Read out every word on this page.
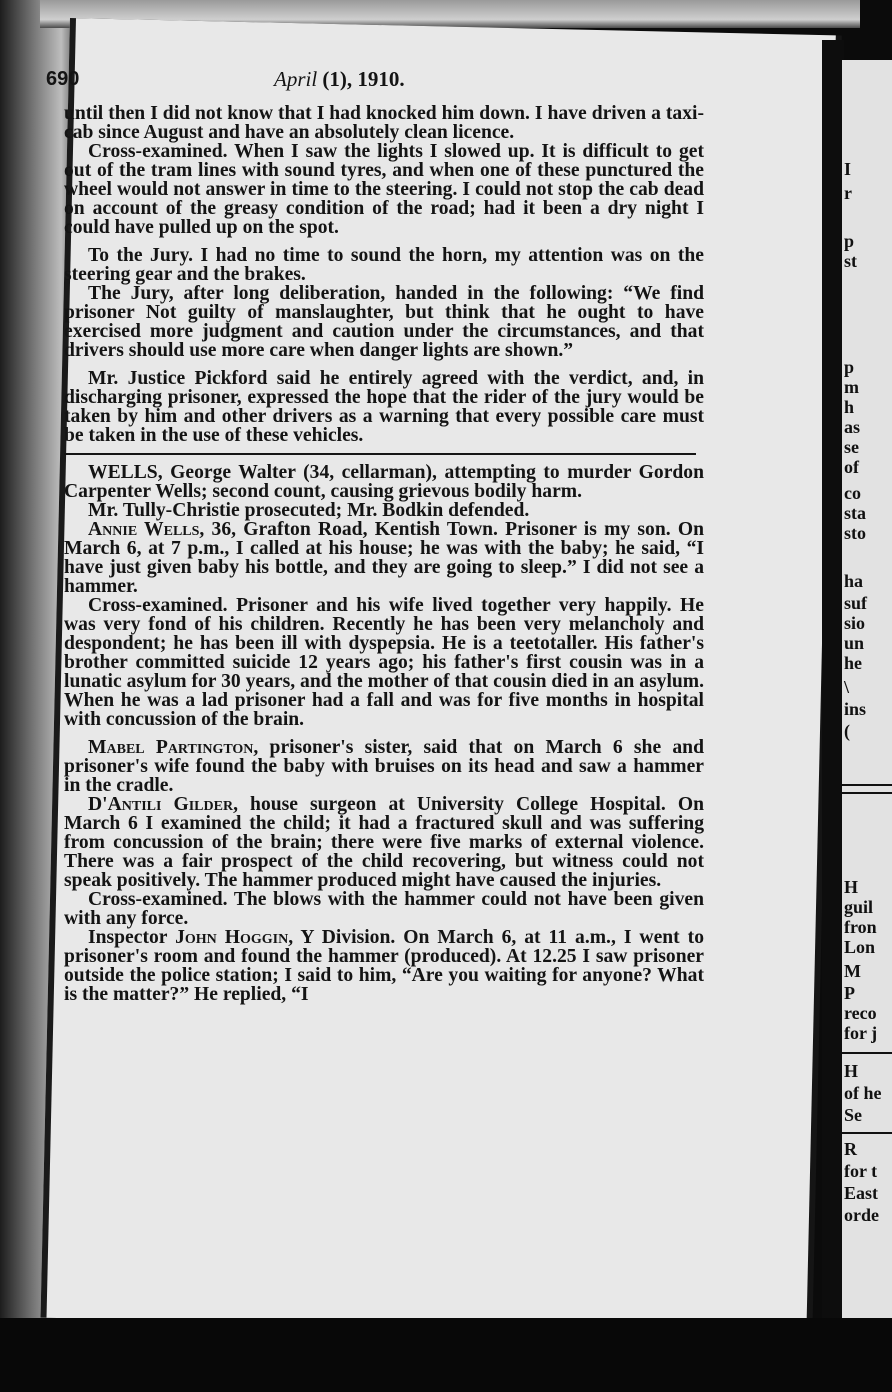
690	April (1), 1910.

until then I did not know that I had knocked him down. I have driven a taxi-cab since August and have an absolutely clean licence.

Cross-examined. When I saw the lights I slowed up. It is difficult to get out of the tram lines with sound tyres, and when one of these punctured the wheel would not answer in time to the steering. I could not stop the cab dead on account of the greasy condition of the road; had it been a dry night I could have pulled up on the spot.

To the Jury. I had no time to sound the horn, my attention was on the steering gear and the brakes.

The Jury, after long deliberation, handed in the following: “We find prisoner Not guilty of manslaughter, but think that he ought to have exercised more judgment and caution under the circumstances, and that drivers should use more care when danger lights are shown.”

Mr. Justice Pickford said he entirely agreed with the verdict, and, in discharging prisoner, expressed the hope that the rider of the jury would be taken by him and other drivers as a warning that every possible care must be taken in the use of these vehicles.

WELLS, George Walter (34, cellarman), attempting to murder Gordon Carpenter Wells; second count, causing grievous bodily harm.

Mr. Tully-Christie prosecuted; Mr. Bodkin defended.

Annie Wells, 36, Grafton Road, Kentish Town. Prisoner is my son. On March 6, at 7 p.m., I called at his house; he was with the baby; he said, “I have just given baby his bottle, and they are going to sleep.” I did not see a hammer.

Cross-examined. Prisoner and his wife lived together very happily. He was very fond of his children. Recently he has been very melancholy and despondent; he has been ill with dyspepsia. He is a teetotaller. His father's brother committed suicide 12 years ago; his father's first cousin was in a lunatic asylum for 30 years, and the mother of that cousin died in an asylum. When he was a lad prisoner had a fall and was for five months in hospital with concussion of the brain.

Mabel Partington, prisoner's sister, said that on March 6 she and prisoner's wife found the baby with bruises on its head and saw a hammer in the cradle.

D'Antili Gilder, house surgeon at University College Hospital. On March 6 I examined the child; it had a fractured skull and was suffering from concussion of the brain; there were five marks of external violence. There was a fair prospect of the child recovering, but witness could not speak positively. The hammer produced might have caused the injuries.

Cross-examined. The blows with the hammer could not have been given with any force.

Inspector John Hoggin, Y Division. On March 6, at 11 a.m., I went to prisoner's room and found the hammer (produced). At 12.25 I saw prisoner outside the police station; I said to him, “Are you waiting for anyone? What is the matter?” He replied, “I

I
r
p
st
p
m
h
as
se
of
co
sta
sto
ha
suf
sio
un
he
\
ins
(
H
guil
fron
Lon
M
P
reco
for j
H
of he
Se
R
for t
East
orde
